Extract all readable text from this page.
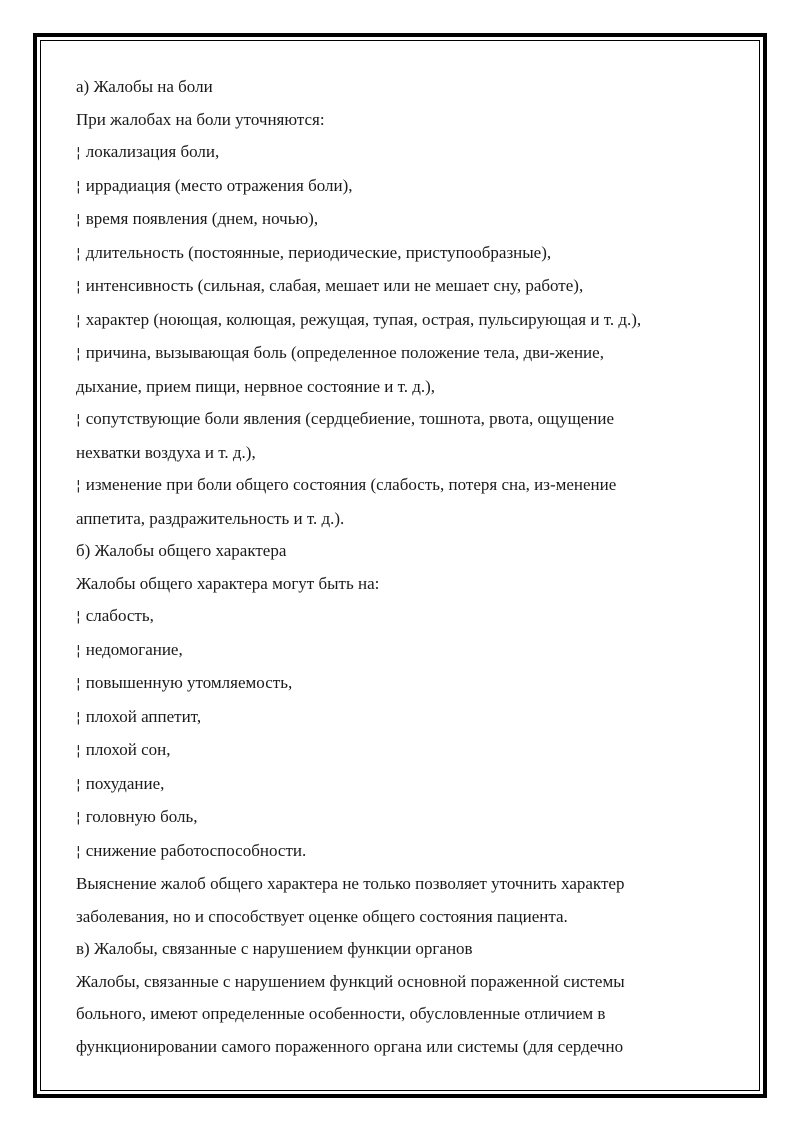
а) Жалобы на боли
При жалобах на боли уточняются:
¦ локализация боли,
¦ иррадиация (место отражения боли),
¦ время появления (днем, ночью),
¦ длительность (постоянные, периодические, приступообразные),
¦ интенсивность (сильная, слабая, мешает или не мешает сну, работе),
¦ характер (ноющая, колющая, режущая, тупая, острая, пульсирующая и т. д.),
¦ причина, вызывающая боль (определенное положение тела, дви-жение,
дыхание, прием пищи, нервное состояние и т. д.),
¦ сопутствующие боли явления (сердцебиение, тошнота, рвота, ощущение
нехватки воздуха и т. д.),
¦ изменение при боли общего состояния (слабость, потеря сна, из-менение
аппетита, раздражительность и т. д.).
б) Жалобы общего характера
Жалобы общего характера могут быть на:
¦ слабость,
¦ недомогание,
¦ повышенную утомляемость,
¦ плохой аппетит,
¦ плохой сон,
¦ похудание,
¦ головную боль,
¦ снижение работоспособности.
Выяснение жалоб общего характера не только позволяет уточнить характер
заболевания, но и способствует оценке общего состояния пациента.
в) Жалобы, связанные с нарушением функции органов
Жалобы, связанные с нарушением функций основной пораженной системы
больного, имеют определенные особенности, обусловленные отличием в
функционировании самого пораженного органа или системы (для сердечно
